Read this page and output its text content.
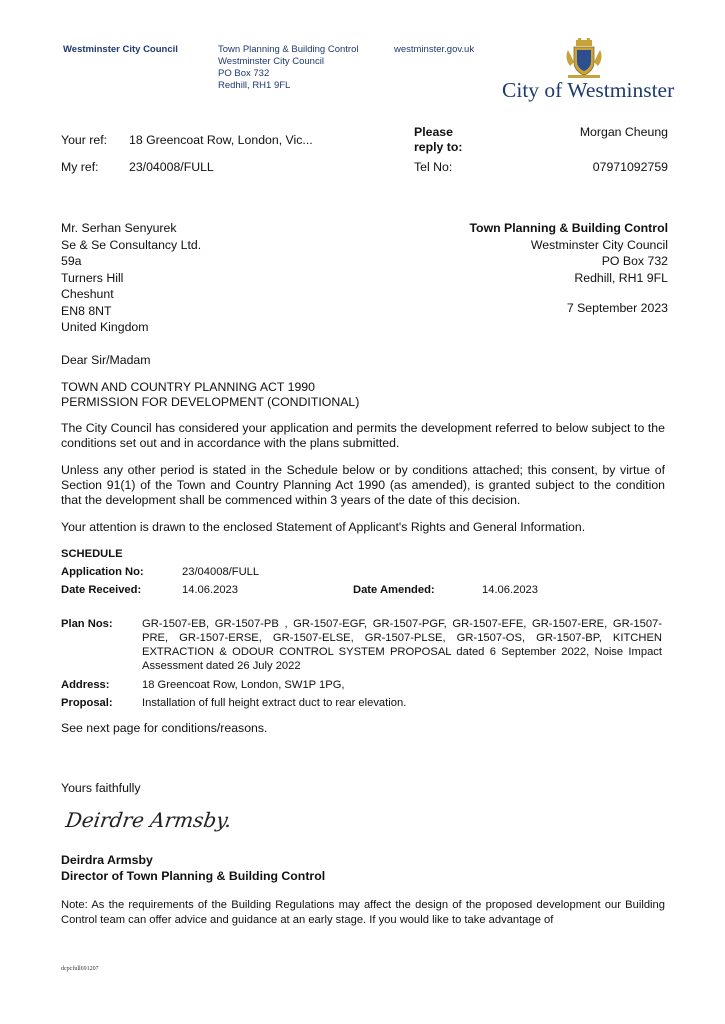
Westminster City Council	Town Planning & Building Control
Westminster City Council
PO Box 732
Redhill, RH1 9FL
westminster.gov.uk
City of Westminster
Your ref: 18 Greencoat Row, London, Vic...
My ref: 23/04008/FULL
Please reply to:
Morgan Cheung
Tel No:	07971092759
Mr. Serhan Senyurek
Se & Se Consultancy Ltd.
59a
Turners Hill
Cheshunt
EN8 8NT
United Kingdom
Town Planning & Building Control
Westminster City Council
PO Box 732
Redhill, RH1 9FL
7 September 2023
Dear Sir/Madam
TOWN AND COUNTRY PLANNING ACT 1990
PERMISSION FOR DEVELOPMENT (CONDITIONAL)
The City Council has considered your application and permits the development referred to below subject to the conditions set out and in accordance with the plans submitted.
Unless any other period is stated in the Schedule below or by conditions attached; this consent, by virtue of Section 91(1) of the Town and Country Planning Act 1990 (as amended), is granted subject to the condition that the development shall be commenced within 3 years of the date of this decision.
Your attention is drawn to the enclosed Statement of Applicant's Rights and General Information.
SCHEDULE
Application No:	23/04008/FULL
Date Received:	14.06.2023	Date Amended:	14.06.2023
Plan Nos:	GR-1507-EB, GR-1507-PB , GR-1507-EGF, GR-1507-PGF, GR-1507-EFE, GR-1507-ERE, GR-1507-PRE, GR-1507-ERSE, GR-1507-ELSE, GR-1507-PLSE, GR-1507-OS, GR-1507-BP, KITCHEN EXTRACTION & ODOUR CONTROL SYSTEM PROPOSAL dated 6 September 2022, Noise Impact Assessment dated 26 July 2022
Address:	18 Greencoat Row, London, SW1P 1PG,
Proposal:	Installation of full height extract duct to rear elevation.
See next page for conditions/reasons.
Yours faithfully
Deirdre Armsby.
Deirdra Armsby
Director of Town Planning & Building Control
Note: As the requirements of the Building Regulations may affect the design of the proposed development our Building Control team can offer advice and guidance at an early stage. If you would like to take advantage of
dcpcfull691207
